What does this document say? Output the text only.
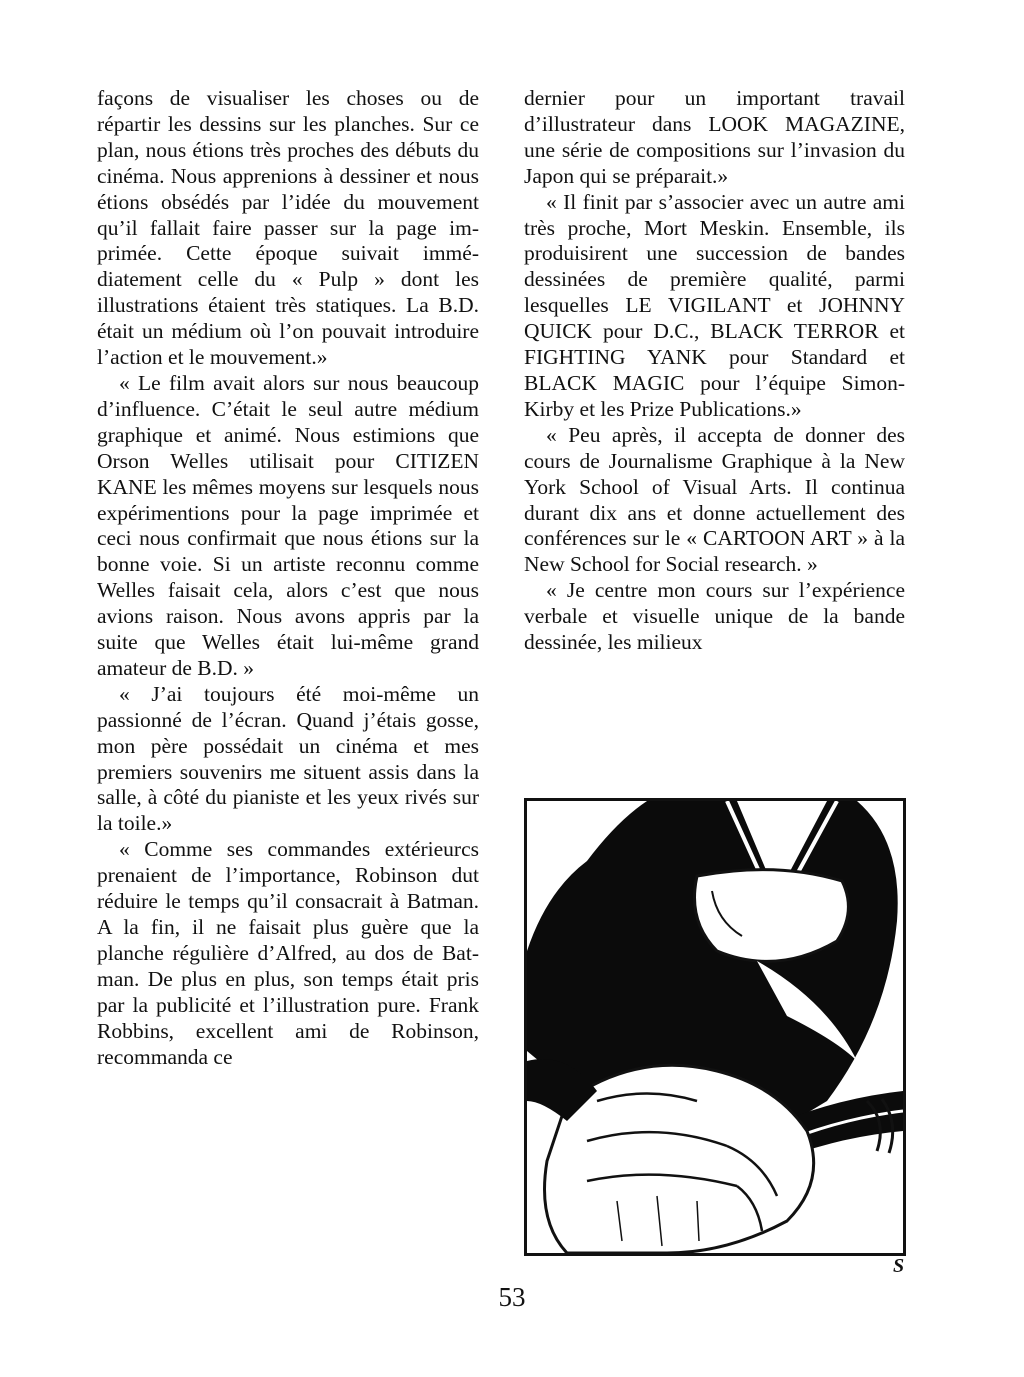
façons de visualiser les choses ou de répartir les dessins sur les planches. Sur ce plan, nous étions très proches des débuts du cinéma. Nous apprenions à dessiner et nous étions obsédés par l’idée du mouvement qu’il fallait faire passer sur la page imprimée. Cette époque suivait immédiatement celle du « Pulp » dont les illustrations étaient très statiques. La B.D. était un médium où l’on pouvait introduire l’action et le mouvement.»

« Le film avait alors sur nous beaucoup d’influence. C’était le seul autre médium graphique et animé. Nous estimions que Orson Welles utilisait pour CITIZEN KANE les mêmes moyens sur lesquels nous expérimentions pour la page imprimée et ceci nous confirmait que nous étions sur la bonne voie. Si un artiste reconnu comme Welles faisait cela, alors c’est que nous avions raison. Nous avons appris par la suite que Welles était lui-même grand amateur de B.D. »

« J’ai toujours été moi-même un passionné de l’écran. Quand j’étais gosse, mon père possédait un cinéma et mes premiers souvenirs me situent assis dans la salle, à côté du pianiste et les yeux rivés sur la toile.»

« Comme ses commandes extérieurcs prenaient de l’importance, Robinson dut réduire le temps qu’il consacrait à Batman. A la fin, il ne faisait plus guère que la planche régulière d’Alfred, au dos de Batman. De plus en plus, son temps était pris par la publicité et l’illustration pure. Frank Robbins, excellent ami de Robinson, recommanda ce

dernier pour un important travail d’illustrateur dans LOOK MAGAZINE, une série de compositions sur l’invasion du Japon qui se préparait.»

« Il finit par s’associer avec un autre ami très proche, Mort Meskin. Ensemble, ils produisirent une succession de bandes dessinées de première qualité, parmi lesquelles LE VIGILANT et JOHNNY QUICK pour D.C., BLACK TERROR et FIGHTING YANK pour Standard et BLACK MAGIC pour l’équipe Simon-Kirby et les Prize Publications.»

« Peu après, il accepta de donner des cours de Journalisme Graphique à la New York School of Visual Arts. Il continua durant dix ans et donne actuellement des conférences sur le « CARTOON ART » à la New School for Social research. »

« Je centre mon cours sur l’expérience verbale et visuelle unique de la bande dessinée, les milieux

S
53
